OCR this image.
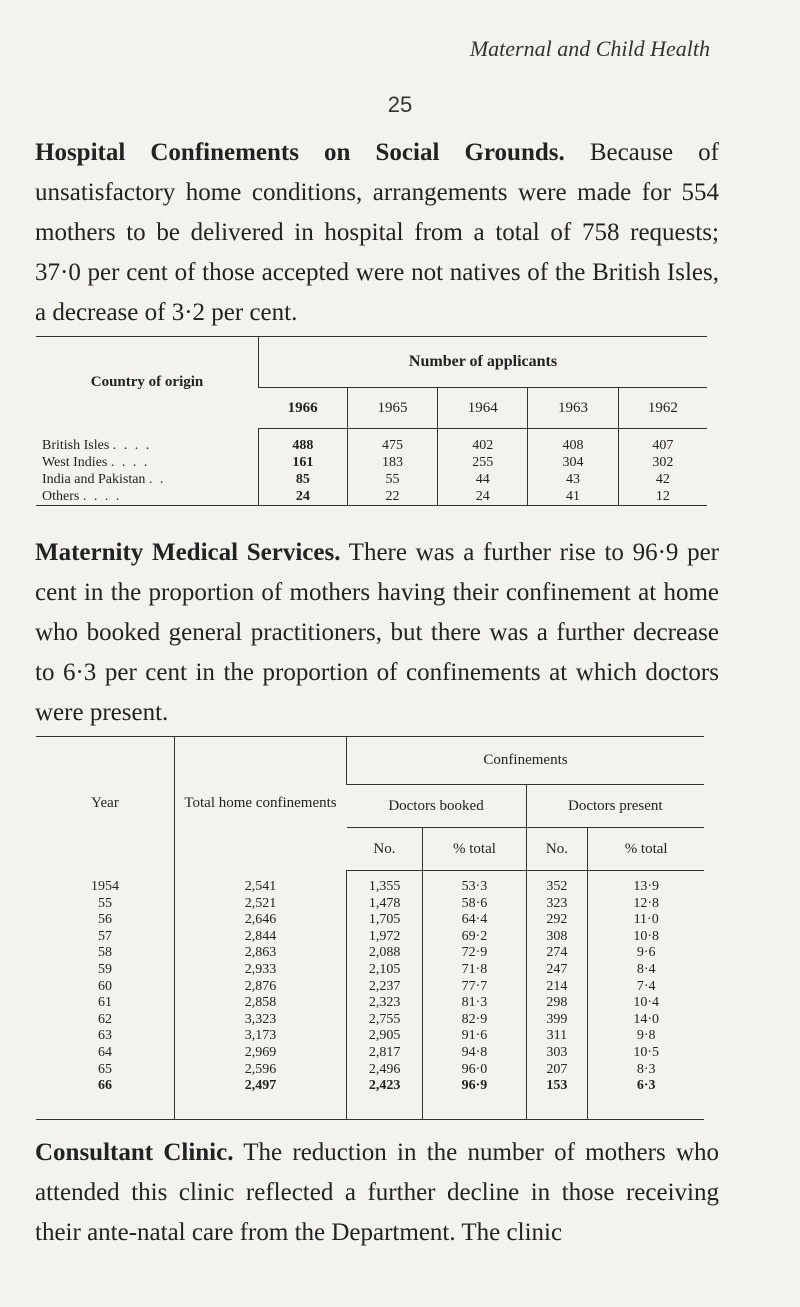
Maternal and Child Health
25

Hospital Confinements on Social Grounds. Because of unsatisfactory home conditions, arrangements were made for 554 mothers to be delivered in hospital from a total of 758 requests; 37·0 per cent of those accepted were not natives of the British Isles, a decrease of 3·2 per cent.

Country of origin	Number of applicants				
	1966	1965	1964	1963	1962
British Isles . . . .	488	475	402	408	407
West Indies . . . .	161	183	255	304	302
India and Pakistan . .	85	55	44	43	42
Others . . . .	24	22	24	41	12

Maternity Medical Services. There was a further rise to 96·9 per cent in the proportion of mothers having their confinement at home who booked general practitioners, but there was a further decrease to 6·3 per cent in the proportion of confinements at which doctors were present.

Year	Total home confinements	Confinements			
		Doctors booked		Doctors present	
		No.	% total	No.	% total
1954	2,541	1,355	53·3	352	13·9
55	2,521	1,478	58·6	323	12·8
56	2,646	1,705	64·4	292	11·0
57	2,844	1,972	69·2	308	10·8
58	2,863	2,088	72·9	274	9·6
59	2,933	2,105	71·8	247	8·4
60	2,876	2,237	77·7	214	7·4
61	2,858	2,323	81·3	298	10·4
62	3,323	2,755	82·9	399	14·0
63	3,173	2,905	91·6	311	9·8
64	2,969	2,817	94·8	303	10·5
65	2,596	2,496	96·0	207	8·3
66	2,497	2,423	96·9	153	6·3

Consultant Clinic. The reduction in the number of mothers who attended this clinic reflected a further decline in those receiving their ante-natal care from the Department. The clinic
